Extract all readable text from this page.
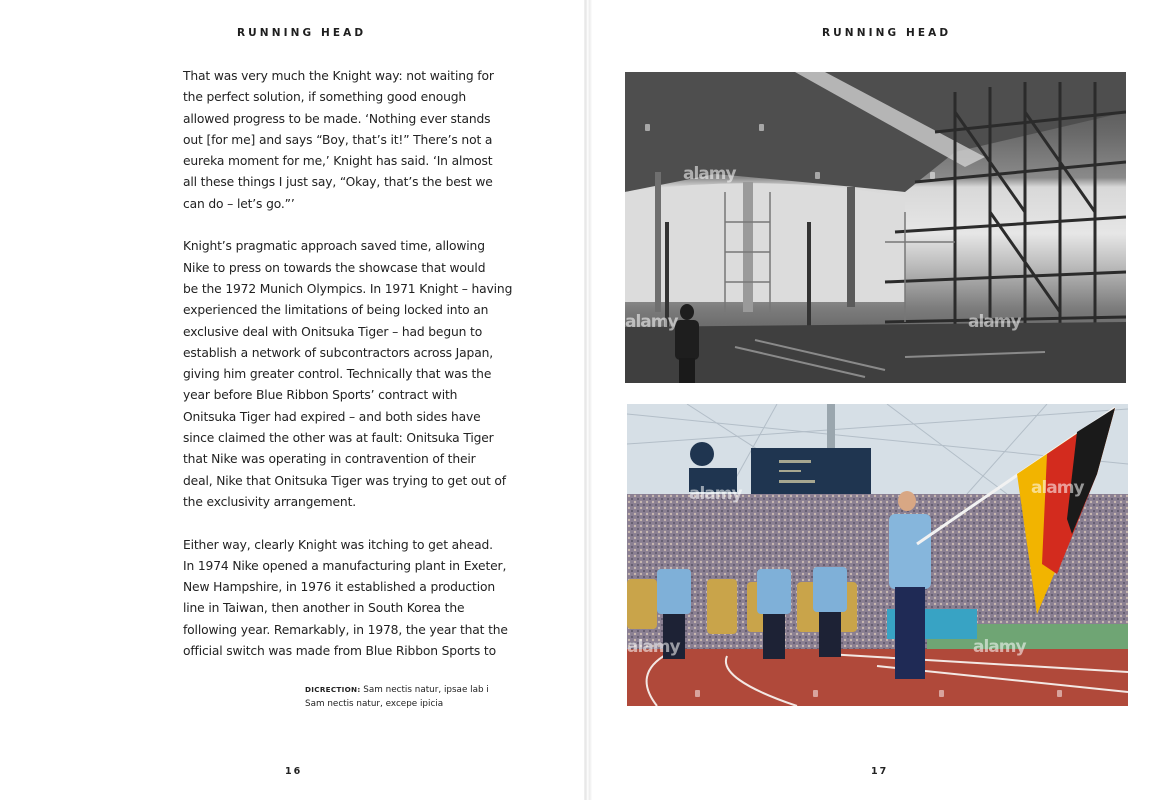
RUNNING HEAD
That was very much the Knight way: not waiting for
the perfect solution, if something good enough
allowed progress to be made. ‘Nothing ever stands
out [for me] and says “Boy, that’s it!” There’s not a
eureka moment for me,’ Knight has said. ‘In almost
all these things I just say, “Okay, that’s the best we
can do – let’s go.”’
Knight’s pragmatic approach saved time, allowing
Nike to press on towards the showcase that would
be the 1972 Munich Olympics. In 1971 Knight – having
experienced the limitations of being locked into an
exclusive deal with Onitsuka Tiger – had begun to
establish a network of subcontractors across Japan,
giving him greater control. Technically that was the
year before Blue Ribbon Sports’ contract with
Onitsuka Tiger had expired – and both sides have
since claimed the other was at fault: Onitsuka Tiger
that Nike was operating in contravention of their
deal, Nike that Onitsuka Tiger was trying to get out of
the exclusivity arrangement.
Either way, clearly Knight was itching to get ahead.
In 1974 Nike opened a manufacturing plant in Exeter,
New Hampshire, in 1976 it established a production
line in Taiwan, then another in South Korea the
following year. Remarkably, in 1978, the year that the
official switch was made from Blue Ribbon Sports to
DICRECTION: Sam nectis natur, ipsae lab i
Sam nectis natur, excepe ipicia
16
RUNNING HEAD
alamy
alamy	alamy
alamy	alamy
alamy	alamy
17
